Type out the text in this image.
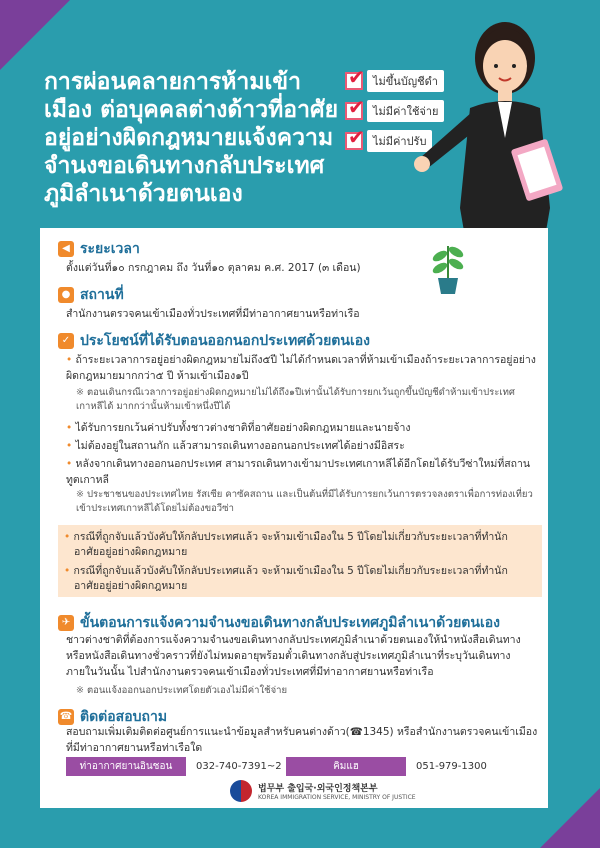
การผ่อนคลายการห้ามเข้าเมือง ต่อบุคคลต่างด้าวที่อาศัยอยู่อย่างผิดกฎหมายแจ้งความจำนงขอเดินทางกลับประเทศภูมิลำเนาด้วยตนเอง
✔
ไม่ขึ้นบัญชีดำ
✔
ไม่มีค่าใช้จ่าย
✔
ไม่มีค่าปรับ
◀ ระยะเวลา
ตั้งแต่วันที่๑๐ กรกฎาคม ถึง วันที่๑๐ ตุลาคม ค.ศ. 2017 (๓ เดือน)
● สถานที่
สำนักงานตรวจคนเข้าเมืองทั่วประเทศที่มีท่าอากาศยานหรือท่าเรือ
✓ ประโยชน์ที่ได้รับตอนออกนอกประเทศด้วยตนเอง
• ถ้าระยะเวลาการอยู่อย่างผิดกฎหมายไม่ถึง๕ปี ไม่ได้กำหนดเวลาที่ห้ามเข้าเมืองถ้าระยะเวลาการอยู่อย่างผิดกฎหมายมากกว่า๕ ปี ห้ามเข้าเมือง๑ปี
※ ตอนเดินกรณีเวลาการอยู่อย่างผิดกฎหมายไม่ได้ถึง๑ปีเท่านั้นได้รับการยกเว้นถูกขึ้นบัญชีดำห้ามเข้าประเทศเกาหลีได้ มากกว่านั้นห้ามเข้าหนึ่งปีได้
• ได้รับการยกเว้นค่าปรับทั้งชาวต่างชาติที่อาศัยอย่างผิดกฎหมายและนายจ้าง
• ไม่ต้องอยู่ในสถานกัก แล้วสามารถเดินทางออกนอกประเทศได้อย่างมีอิสระ
• หลังจากเดินทางออกนอกประเทศ สามารถเดินทางเข้ามาประเทศเกาหลีได้อีกโดยได้รับวีซ่าใหม่ที่สถานทูตเกาหลี
※ ประชาชนของประเทศไทย รัสเซีย คาซัคสถาน และเป็นต้นที่มีได้รับการยกเว้นการตรวจลงตราเพื่อการท่องเที่ยว เข้าประเทศเกาหลีได้โดยไม่ต้องขอวีซ่า
• กรณีที่ถูกจับแล้วบังคับให้กลับประเทศแล้ว จะห้ามเข้าเมืองใน 5 ปีโดยไม่เกี่ยวกับระยะเวลาที่ทำนักอาศัยอยู่อย่างผิดกฎหมาย
• กรณีที่ถูกจับแล้วบังคับให้กลับประเทศแล้ว จะห้ามเข้าเมืองใน 5 ปีโดยไม่เกี่ยวกับระยะเวลาที่ทำนักอาศัยอยู่อย่างผิดกฎหมาย
✈ ขั้นตอนการแจ้งความจำนงขอเดินทางกลับประเทศภูมิลำเนาด้วยตนเอง
ชาวต่างชาติที่ต้องการแจ้งความจำนงขอเดินทางกลับประเทศภูมิลำเนาด้วยตนเองให้นำหนังสือเดินทาง หรือหนังสือเดินทางชั่วคราวที่ยังไม่หมดอายุพร้อมตั๋วเดินทางกลับสู่ประเทศภูมิลำเนาที่ระบุวันเดินทางภายในวันนั้น ไปสำนักงานตรวจคนเข้าเมืองทั่วประเทศที่มีท่าอากาศยานหรือท่าเรือ
※ ตอนแจ้งออกนอกประเทศโดยตัวเองไม่มีค่าใช้จ่าย
☎ ติดต่อสอบถาม
สอบถามเพิ่มเติมติดต่อศูนย์การแนะนำข้อมูลสำหรับคนต่างด้าว(☎1345) หรือสำนักงานตรวจคนเข้าเมืองที่มีท่าอากาศยานหรือท่าเรือใด
ท่าอากาศยานอินชอน	032-740-7391~2	คิมแฮ	051-979-1300
법무부 출입국·외국인정책본부
KOREA IMMIGRATION SERVICE, MINISTRY OF JUSTICE
